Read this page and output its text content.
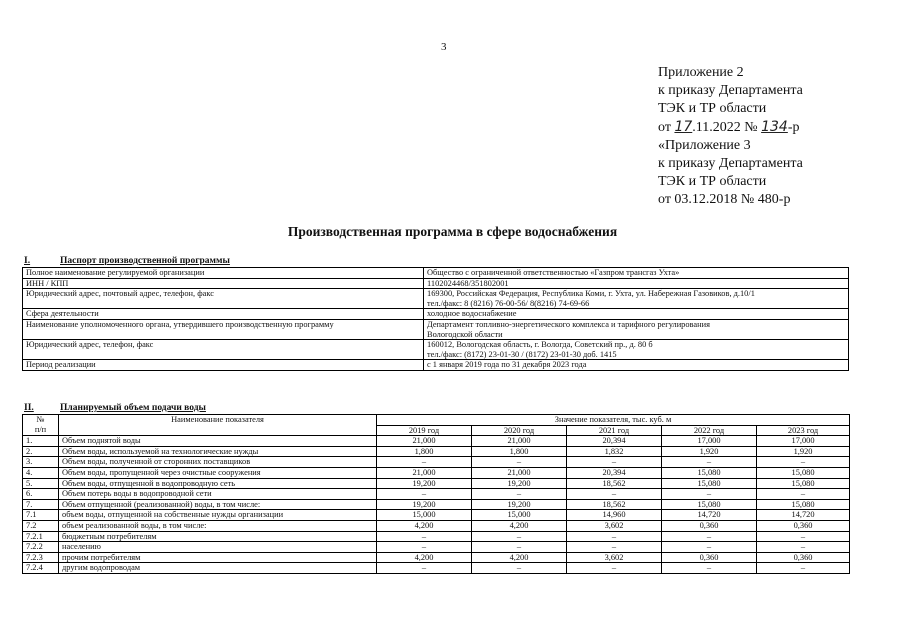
3
Приложение 2
к приказу Департамента
ТЭК и ТР области
от 17.11.2022 № 134-р
«Приложение 3
к приказу Департамента
ТЭК и ТР области
от 03.12.2018 № 480-р
Производственная программа в сфере водоснабжения
I.	Паспорт производственной программы
Полное наименование регулируемой организации	Общество с ограниченной ответственностью «Газпром трансгаз Ухта»

ИНН / КПП	1102024468/351802001

Юридический адрес, почтовый адрес, телефон, факс	169300, Российская Федерация, Республика Коми, г. Ухта, ул. Набережная Газовиков, д.10/1
тел./факс: 8 (8216) 76-00-56/ 8(8216) 74-69-66

Сфера деятельности	холодное водоснабжение

Наименование уполномоченного органа, утвердившего производственную программу	Департамент топливно-энергетического комплекса и тарифного регулирования
Вологодской области

Юридический адрес, телефон, факс	160012, Вологодская область, г. Вологда, Советский пр., д. 80 б
тел./факс: (8172) 23-01-30 / (8172) 23-01-30 доб. 1415

Период реализации	с 1 января 2019 года по 31 декабря 2023 года
II.	Планируемый объем подачи воды
№
п/п	Наименование показателя	Значение показателя, тыс. куб. м				
		2019 год	2020 год	2021 год	2022 год	2023 год
1.	Объем поднятой воды	21,000	21,000	20,394	17,000	17,000
2.	Объем воды, используемой на технологические нужды	1,800	1,800	1,832	1,920	1,920
3.	Объем воды, полученной от сторонних поставщиков	–	–	–	–	–
4.	Объем воды, пропущенной через очистные сооружения	21,000	21,000	20,394	15,080	15,080
5.	Объем воды, отпущенной в водопроводную сеть	19,200	19,200	18,562	15,080	15,080
6.	Объем потерь воды в водопроводной сети	–	–	–	–	–
7.	Объем отпущенной (реализованной) воды, в том числе:	19,200	19,200	18,562	15,080	15,080
7.1	объем воды, отпущенной на собственные нужды организации	15,000	15,000	14,960	14,720	14,720
7.2	объем реализованной воды, в том числе:	4,200	4,200	3,602	0,360	0,360
7.2.1	бюджетным потребителям	–	–	–	–	–
7.2.2	населению	–	–	–	–	–
7.2.3	прочим потребителям	4,200	4,200	3,602	0,360	0,360
7.2.4	другим водопроводам	–	–	–	–	–
